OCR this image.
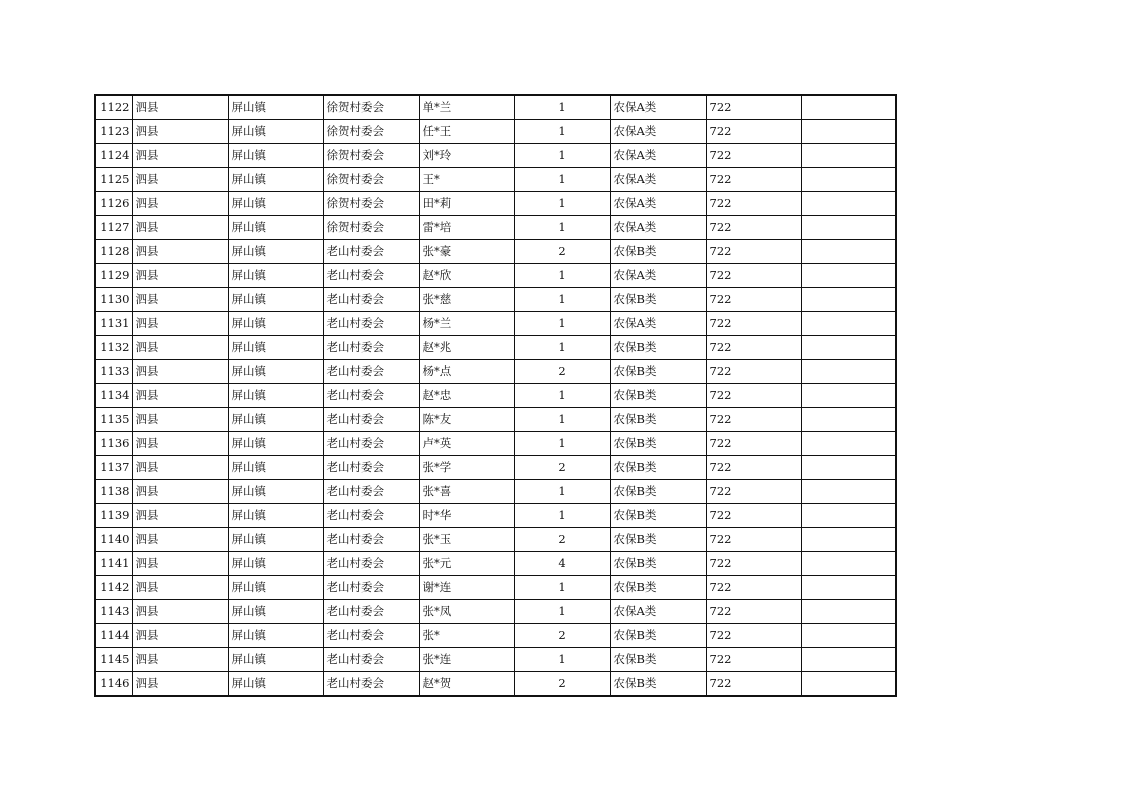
1122	泗县	屏山镇	徐贺村委会	单*兰	1	农保A类	722	
1123	泗县	屏山镇	徐贺村委会	任*王	1	农保A类	722	
1124	泗县	屏山镇	徐贺村委会	刘*玲	1	农保A类	722	
1125	泗县	屏山镇	徐贺村委会	王*	1	农保A类	722	
1126	泗县	屏山镇	徐贺村委会	田*莉	1	农保A类	722	
1127	泗县	屏山镇	徐贺村委会	雷*培	1	农保A类	722	
1128	泗县	屏山镇	老山村委会	张*豪	2	农保B类	722	
1129	泗县	屏山镇	老山村委会	赵*欣	1	农保A类	722	
1130	泗县	屏山镇	老山村委会	张*慈	1	农保B类	722	
1131	泗县	屏山镇	老山村委会	杨*兰	1	农保A类	722	
1132	泗县	屏山镇	老山村委会	赵*兆	1	农保B类	722	
1133	泗县	屏山镇	老山村委会	杨*点	2	农保B类	722	
1134	泗县	屏山镇	老山村委会	赵*忠	1	农保B类	722	
1135	泗县	屏山镇	老山村委会	陈*友	1	农保B类	722	
1136	泗县	屏山镇	老山村委会	卢*英	1	农保B类	722	
1137	泗县	屏山镇	老山村委会	张*学	2	农保B类	722	
1138	泗县	屏山镇	老山村委会	张*喜	1	农保B类	722	
1139	泗县	屏山镇	老山村委会	时*华	1	农保B类	722	
1140	泗县	屏山镇	老山村委会	张*玉	2	农保B类	722	
1141	泗县	屏山镇	老山村委会	张*元	4	农保B类	722	
1142	泗县	屏山镇	老山村委会	谢*连	1	农保B类	722	
1143	泗县	屏山镇	老山村委会	张*凤	1	农保A类	722	
1144	泗县	屏山镇	老山村委会	张*	2	农保B类	722	
1145	泗县	屏山镇	老山村委会	张*连	1	农保B类	722	
1146	泗县	屏山镇	老山村委会	赵*贺	2	农保B类	722	
